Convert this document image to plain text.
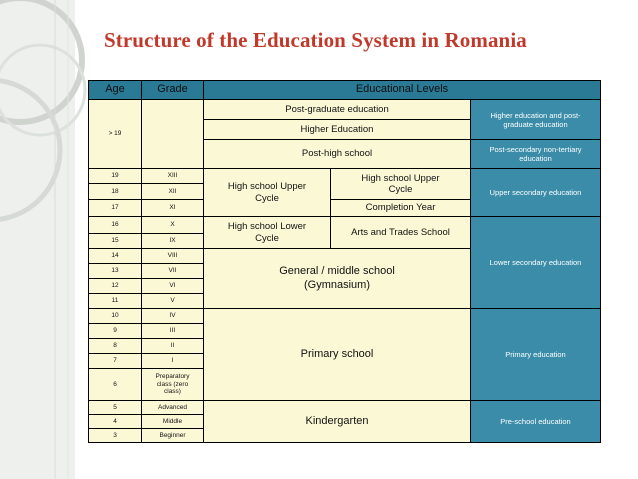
Structure of the Education System in Romania
Age	Grade	Educational Levels
> 19
19
18
17
16
15
14
13
12
11
10
9
8
7
6
5
4
3
XIII
XII
XI
X
IX
VIII
VII
VI
V
IV
III
II
I
Preparatory class (zero class)
Advanced
Middle
Beginner
Post-graduate education
Higher Education
Post-high school
High school Upper Cycle
High school Upper Cycle
Completion Year
High school Lower Cycle
Arts and Trades School
General / middle school (Gymnasium)
Primary school
Kindergarten
Higher education and post-graduate education
Post-secondary non-tertiary education
Upper secondary education
Lower secondary education
Primary education
Pre-school education
